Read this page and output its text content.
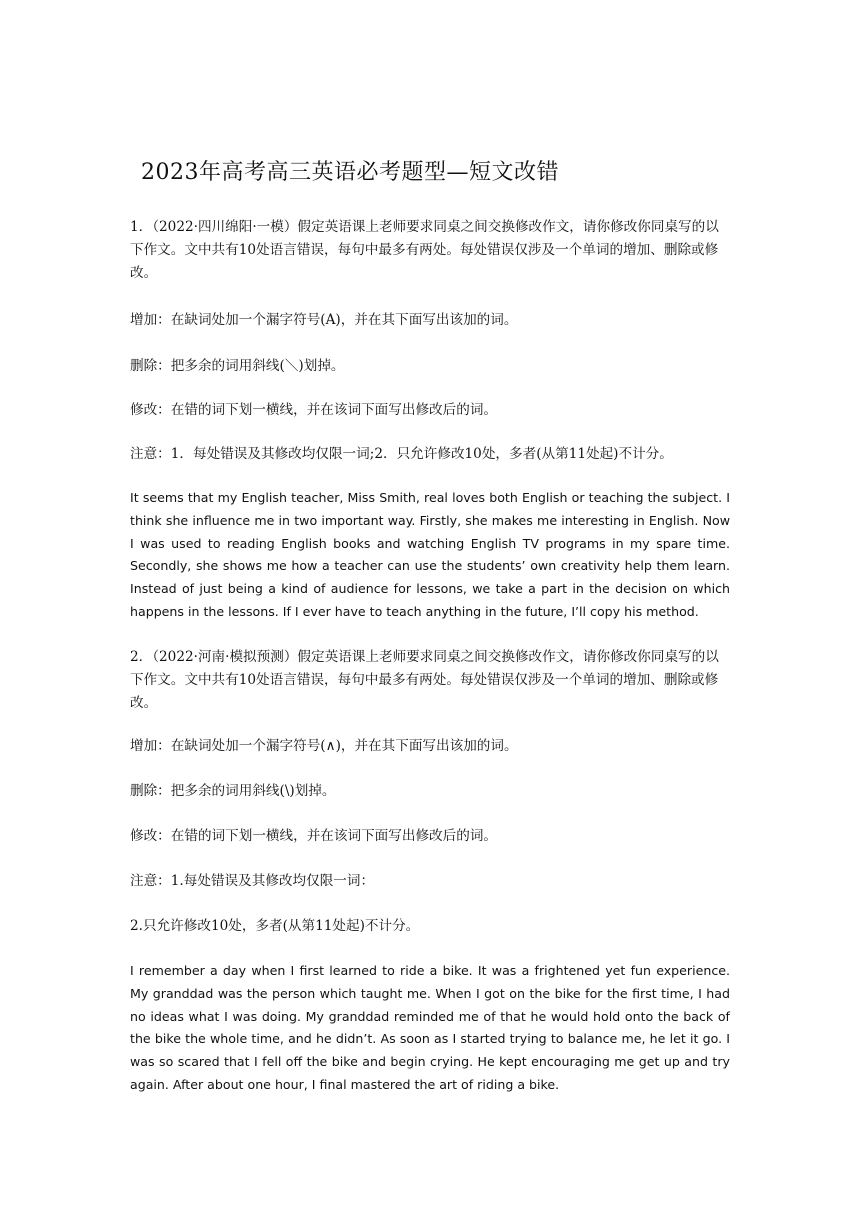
2023年高考高三英语必考题型—短文改错

1．（2022·四川绵阳·一模）假定英语课上老师要求同桌之间交换修改作文，请你修改你同桌写的以下作文。文中共有10处语言错误，每句中最多有两处。每处错误仅涉及一个单词的增加、删除或修改。

增加：在缺词处加一个漏字符号(A)，并在其下面写出该加的词。

删除：把多余的词用斜线(＼)划掉。

修改：在错的词下划一横线，并在该词下面写出修改后的词。

注意：1．每处错误及其修改均仅限一词;2．只允许修改10处，多者(从第11处起)不计分。

It seems that my English teacher, Miss Smith, real loves both English or teaching the subject. I think she influence me in two important way. Firstly, she makes me interesting in English. Now I was used to reading English books and watching English TV programs in my spare time. Secondly, she shows me how a teacher can use the students’ own creativity help them learn. Instead of just being a kind of audience for lessons, we take a part in the decision on which happens in the lessons. If I ever have to teach anything in the future, I’ll copy his method.

2．（2022·河南·模拟预测）假定英语课上老师要求同桌之间交换修改作文，请你修改你同桌写的以下作文。文中共有10处语言错误，每句中最多有两处。每处错误仅涉及一个单词的增加、删除或修改。

增加：在缺词处加一个漏字符号(∧)，并在其下面写出该加的词。

删除：把多余的词用斜线(\)划掉。

修改：在错的词下划一横线，并在该词下面写出修改后的词。

注意：1.每处错误及其修改均仅限一词：

2.只允许修改10处，多者(从第11处起)不计分。

I remember a day when I first learned to ride a bike. It was a frightened yet fun experience. My granddad was the person which taught me. When I got on the bike for the first time, I had no ideas what I was doing. My granddad reminded me of that he would hold onto the back of the bike the whole time, and he didn’t. As soon as I started trying to balance me, he let it go. I was so scared that I fell off the bike and begin crying. He kept encouraging me get up and try again. After about one hour, I final mastered the art of riding a bike.
